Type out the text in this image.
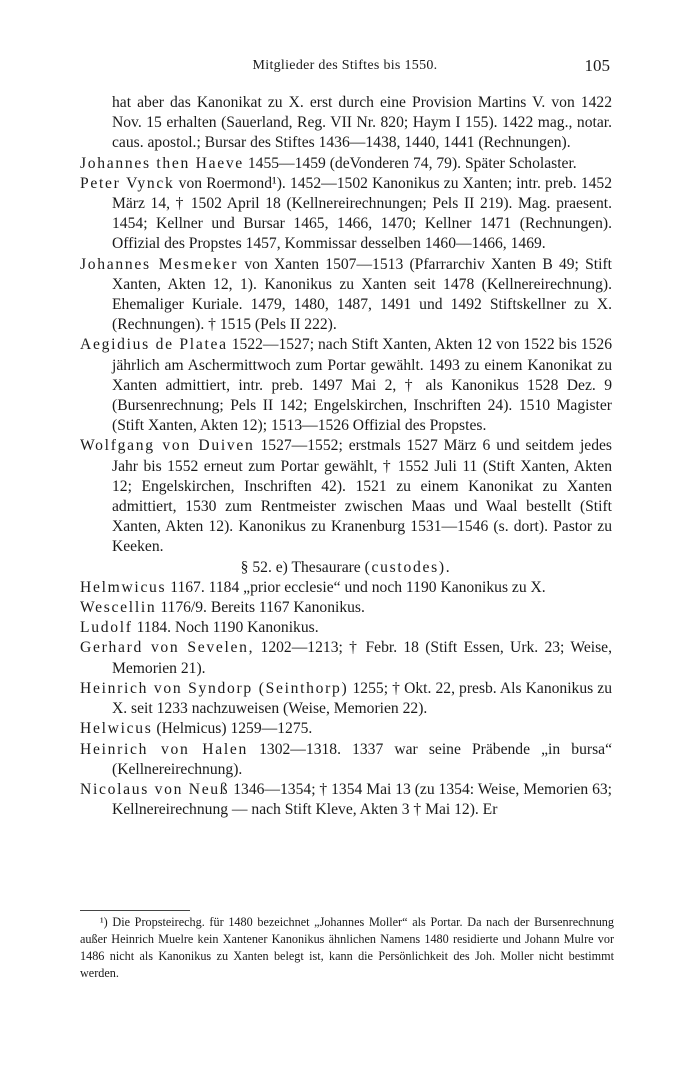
Mitglieder des Stiftes bis 1550.	105

hat aber das Kanonikat zu X. erst durch eine Provision Martins V. von 1422 Nov. 15 erhalten (Sauerland, Reg. VII Nr. 820; Haym I 155). 1422 mag., notar. caus. apostol.; Bursar des Stiftes 1436—1438, 1440, 1441 (Rechnungen).

Johannes then Haeve 1455—1459 (deVonderen 74, 79). Später Scholaster.

Peter Vynck von Roermond¹). 1452—1502 Kanonikus zu Xanten; intr. preb. 1452 März 14, † 1502 April 18 (Kellnereirechnungen; Pels II 219). Mag. praesent. 1454; Kellner und Bursar 1465, 1466, 1470; Kellner 1471 (Rechnungen). Offizial des Propstes 1457, Kommissar desselben 1460—1466, 1469.

Johannes Mesmeker von Xanten 1507—1513 (Pfarrarchiv Xanten B 49; Stift Xanten, Akten 12, 1). Kanonikus zu Xanten seit 1478 (Kellnereirechnung). Ehemaliger Kuriale. 1479, 1480, 1487, 1491 und 1492 Stiftskellner zu X. (Rechnungen). † 1515 (Pels II 222).

Aegidius de Platea 1522—1527; nach Stift Xanten, Akten 12 von 1522 bis 1526 jährlich am Aschermittwoch zum Portar gewählt. 1493 zu einem Kanonikat zu Xanten admittiert, intr. preb. 1497 Mai 2, † als Kanonikus 1528 Dez. 9 (Bursenrechnung; Pels II 142; Engelskirchen, Inschriften 24). 1510 Magister (Stift Xanten, Akten 12); 1513—1526 Offizial des Propstes.

Wolfgang von Duiven 1527—1552; erstmals 1527 März 6 und seitdem jedes Jahr bis 1552 erneut zum Portar gewählt, † 1552 Juli 11 (Stift Xanten, Akten 12; Engelskirchen, Inschriften 42). 1521 zu einem Kanonikat zu Xanten admittiert, 1530 zum Rentmeister zwischen Maas und Waal bestellt (Stift Xanten, Akten 12). Kanonikus zu Kranenburg 1531—1546 (s. dort). Pastor zu Keeken.

§ 52. e) Thesaurare (custodes).

Helmwicus 1167. 1184 „prior ecclesie“ und noch 1190 Kanonikus zu X.

Wescellin 1176/9. Bereits 1167 Kanonikus.

Ludolf 1184. Noch 1190 Kanonikus.

Gerhard von Sevelen, 1202—1213; † Febr. 18 (Stift Essen, Urk. 23; Weise, Memorien 21).

Heinrich von Syndorp (Seinthorp) 1255; † Okt. 22, presb. Als Kanonikus zu X. seit 1233 nachzuweisen (Weise, Memorien 22).

Helwicus (Helmicus) 1259—1275.

Heinrich von Halen 1302—1318. 1337 war seine Präbende „in bursa“ (Kellnereirechnung).

Nicolaus von Neuß 1346—1354; † 1354 Mai 13 (zu 1354: Weise, Memorien 63; Kellnereirechnung — nach Stift Kleve, Akten 3 † Mai 12). Er

¹) Die Propsteirechg. für 1480 bezeichnet „Johannes Moller“ als Portar. Da nach der Bursenrechnung außer Heinrich Muelre kein Xantener Kanonikus ähnlichen Namens 1480 residierte und Johann Mulre vor 1486 nicht als Kanonikus zu Xanten belegt ist, kann die Persönlichkeit des Joh. Moller nicht bestimmt werden.
